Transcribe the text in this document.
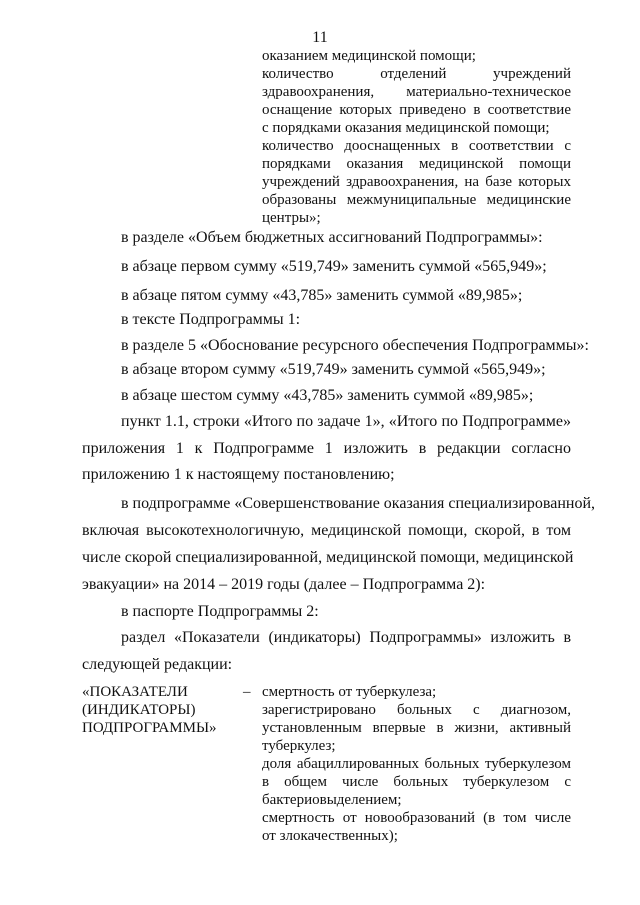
11
оказанием медицинской помощи;
количество отделений учреждений
здравоохранения, материально-техническое
оснащение которых приведено в соответствие
с порядками оказания медицинской помощи;
количество дооснащенных в соответствии с
порядками оказания медицинской помощи
учреждений здравоохранения, на базе которых
образованы межмуниципальные медицинские
центры»;
в разделе «Объем бюджетных ассигнований Подпрограммы»:
в абзаце первом сумму «519,749» заменить суммой «565,949»;
в абзаце пятом сумму «43,785» заменить суммой «89,985»;
в тексте Подпрограммы 1:
в разделе 5 «Обоснование ресурсного обеспечения Подпрограммы»:
в абзаце втором сумму «519,749» заменить суммой «565,949»;
в абзаце шестом сумму «43,785» заменить суммой «89,985»;
пункт 1.1, строки «Итого по задаче 1», «Итого по Подпрограмме»
приложения 1 к Подпрограмме 1 изложить в редакции согласно
приложению 1 к настоящему постановлению;
в подпрограмме «Совершенствование оказания специализированной,
включая высокотехнологичную, медицинской помощи, скорой, в том
числе скорой специализированной, медицинской помощи, медицинской
эвакуации» на 2014 – 2019 годы (далее – Подпрограмма 2):
в паспорте Подпрограммы 2:
раздел «Показатели (индикаторы) Подпрограммы» изложить в
следующей редакции:
«ПОКАЗАТЕЛИ
(ИНДИКАТОРЫ)
ПОДПРОГРАММЫ»
– смертность от туберкулеза;
зарегистрировано больных с диагнозом,
установленным впервые в жизни, активный
туберкулез;
доля абациллированных больных туберкулезом
в общем числе больных туберкулезом с
бактериовыделением;
смертность от новообразований (в том числе
от злокачественных);
